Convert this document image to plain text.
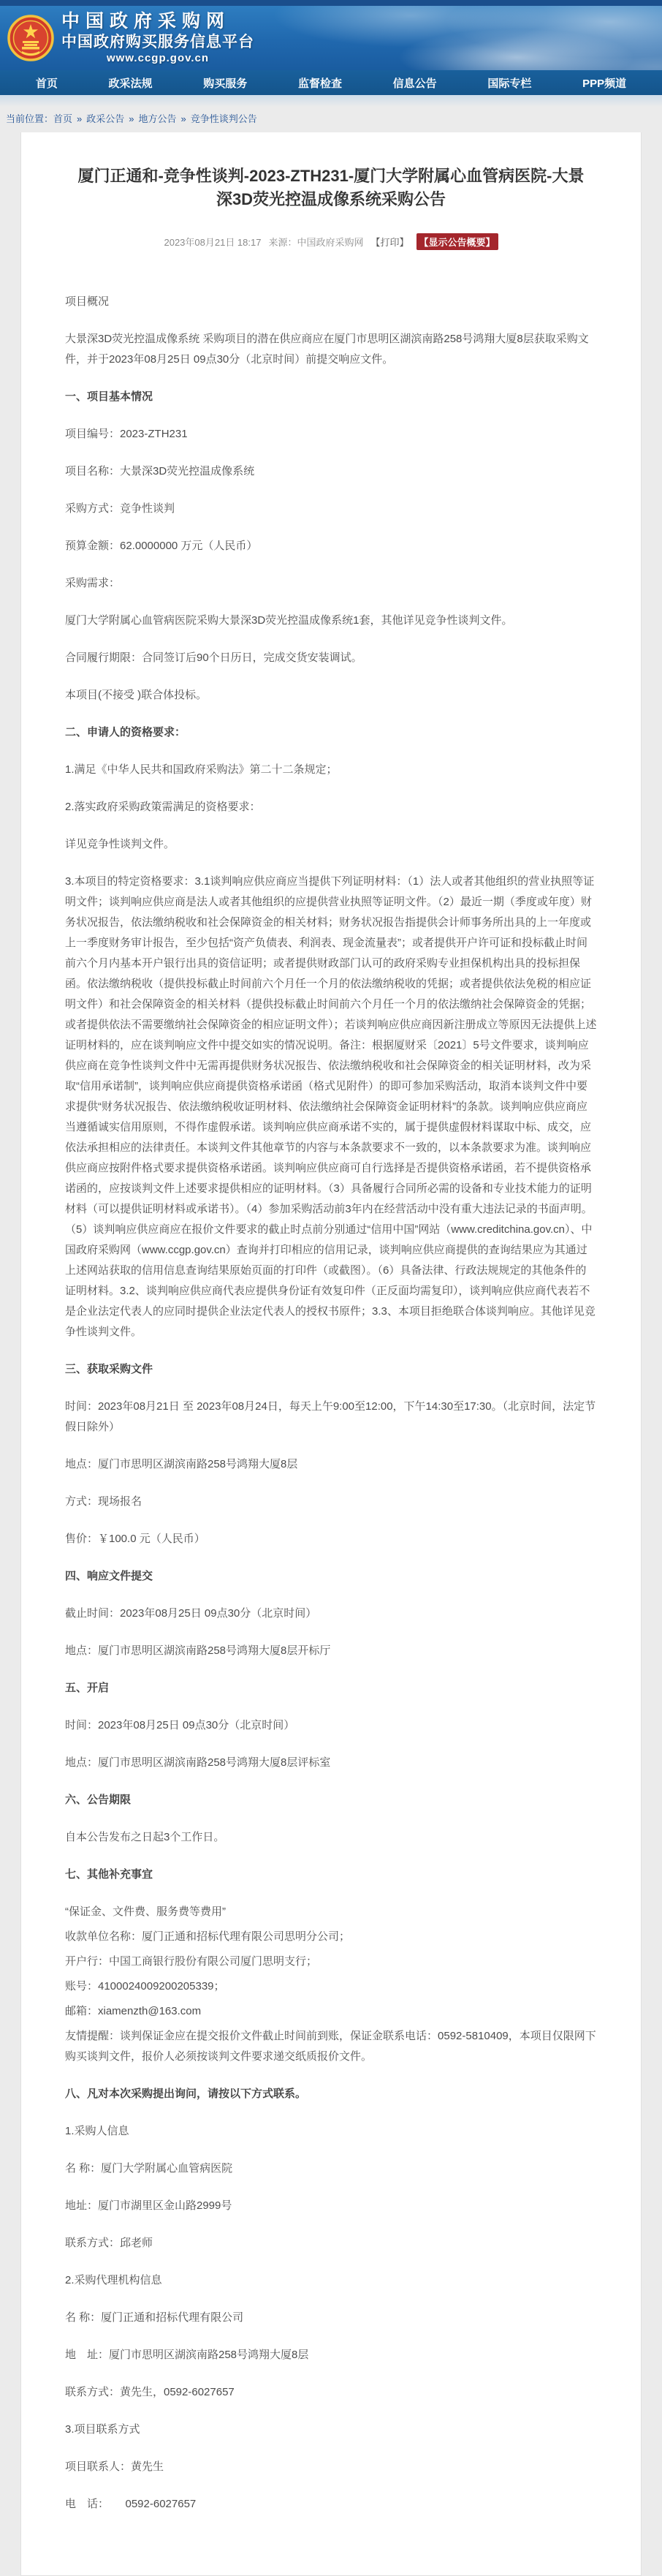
中国政府采购网
中国政府购买服务信息平台
www.ccgp.gov.cn
首页	政采法规	购买服务	监督检查	信息公告	国际专栏	PPP频道
当前位置：首页 » 政采公告 » 地方公告 » 竞争性谈判公告
厦门正通和-竞争性谈判-2023-ZTH231-厦门大学附属心血管病医院-大景深3D荧光控温成像系统采购公告
2023年08月21日 18:17 来源：中国政府采购网 【打印】	【显示公告概要】

项目概况

大景深3D荧光控温成像系统 采购项目的潜在供应商应在厦门市思明区湖滨南路258号鸿翔大厦8层获取采购文件，并于2023年08月25日 09点30分（北京时间）前提交响应文件。

一、项目基本情况

项目编号：2023-ZTH231

项目名称：大景深3D荧光控温成像系统

采购方式：竞争性谈判

预算金额：62.0000000 万元（人民币）

采购需求：

厦门大学附属心血管病医院采购大景深3D荧光控温成像系统1套，其他详见竞争性谈判文件。

合同履行期限：合同签订后90个日历日，完成交货安装调试。

本项目(不接受 )联合体投标。

二、申请人的资格要求：

1.满足《中华人民共和国政府采购法》第二十二条规定；

2.落实政府采购政策需满足的资格要求：

详见竞争性谈判文件。

3.本项目的特定资格要求：3.1谈判响应供应商应当提供下列证明材料：（1）法人或者其他组织的营业执照等证明文件；谈判响应供应商是法人或者其他组织的应提供营业执照等证明文件。（2）最近一期（季度或年度）财务状况报告，依法缴纳税收和社会保障资金的相关材料；财务状况报告指提供会计师事务所出具的上一年度或上一季度财务审计报告，至少包括“资产负债表、利润表、现金流量表”；或者提供开户许可证和投标截止时间前六个月内基本开户银行出具的资信证明；或者提供财政部门认可的政府采购专业担保机构出具的投标担保函。依法缴纳税收（提供投标截止时间前六个月任一个月的依法缴纳税收的凭据；或者提供依法免税的相应证明文件）和社会保障资金的相关材料（提供投标截止时间前六个月任一个月的依法缴纳社会保障资金的凭据；或者提供依法不需要缴纳社会保障资金的相应证明文件）；若谈判响应供应商因新注册成立等原因无法提供上述证明材料的，应在谈判响应文件中提交如实的情况说明。备注：根据厦财采〔2021〕5号文件要求，谈判响应供应商在竞争性谈判文件中无需再提供财务状况报告、依法缴纳税收和社会保障资金的相关证明材料，改为采取“信用承诺制”，谈判响应供应商提供资格承诺函（格式见附件）的即可参加采购活动，取消本谈判文件中要求提供“财务状况报告、依法缴纳税收证明材料、依法缴纳社会保障资金证明材料”的条款。谈判响应供应商应当遵循诚实信用原则，不得作虚假承诺。谈判响应供应商承诺不实的，属于提供虚假材料谋取中标、成交，应依法承担相应的法律责任。本谈判文件其他章节的内容与本条款要求不一致的，以本条款要求为准。谈判响应供应商应按附件格式要求提供资格承诺函。谈判响应供应商可自行选择是否提供资格承诺函，若不提供资格承诺函的，应按谈判文件上述要求提供相应的证明材料。（3）具备履行合同所必需的设备和专业技术能力的证明材料（可以提供证明材料或承诺书）。（4）参加采购活动前3年内在经营活动中没有重大违法记录的书面声明。（5）谈判响应供应商应在报价文件要求的截止时点前分别通过“信用中国”网站（www.creditchina.gov.cn）、中国政府采购网（www.ccgp.gov.cn）查询并打印相应的信用记录，谈判响应供应商提供的查询结果应为其通过上述网站获取的信用信息查询结果原始页面的打印件（或截图）。（6）具备法律、行政法规规定的其他条件的证明材料。3.2、谈判响应供应商代表应提供身份证有效复印件（正反面均需复印），谈判响应供应商代表若不是企业法定代表人的应同时提供企业法定代表人的授权书原件；3.3、本项目拒绝联合体谈判响应。其他详见竞争性谈判文件。

三、获取采购文件

时间：2023年08月21日 至 2023年08月24日，每天上午9:00至12:00，下午14:30至17:30。（北京时间，法定节假日除外）

地点：厦门市思明区湖滨南路258号鸿翔大厦8层

方式：现场报名

售价：￥100.0 元（人民币）

四、响应文件提交

截止时间：2023年08月25日 09点30分（北京时间）

地点：厦门市思明区湖滨南路258号鸿翔大厦8层开标厅

五、开启

时间：2023年08月25日 09点30分（北京时间）

地点：厦门市思明区湖滨南路258号鸿翔大厦8层评标室

六、公告期限

自本公告发布之日起3个工作日。

七、其他补充事宜

“保证金、文件费、服务费等费用”

收款单位名称：厦门正通和招标代理有限公司思明分公司；

开户行：中国工商银行股份有限公司厦门思明支行；

账号：4100024009200205339；

邮箱：xiamenzth@163.com

友情提醒：谈判保证金应在提交报价文件截止时间前到账，保证金联系电话：0592-5810409，本项目仅限网下购买谈判文件，报价人必须按谈判文件要求递交纸质报价文件。

八、凡对本次采购提出询问，请按以下方式联系。

1.采购人信息

名 称：厦门大学附属心血管病医院

地址：厦门市湖里区金山路2999号

联系方式：邱老师

2.采购代理机构信息

名 称：厦门正通和招标代理有限公司

地　址：厦门市思明区湖滨南路258号鸿翔大厦8层

联系方式：黄先生，0592-6027657

3.项目联系方式

项目联系人：黄先生

电　话：　　0592-6027657
